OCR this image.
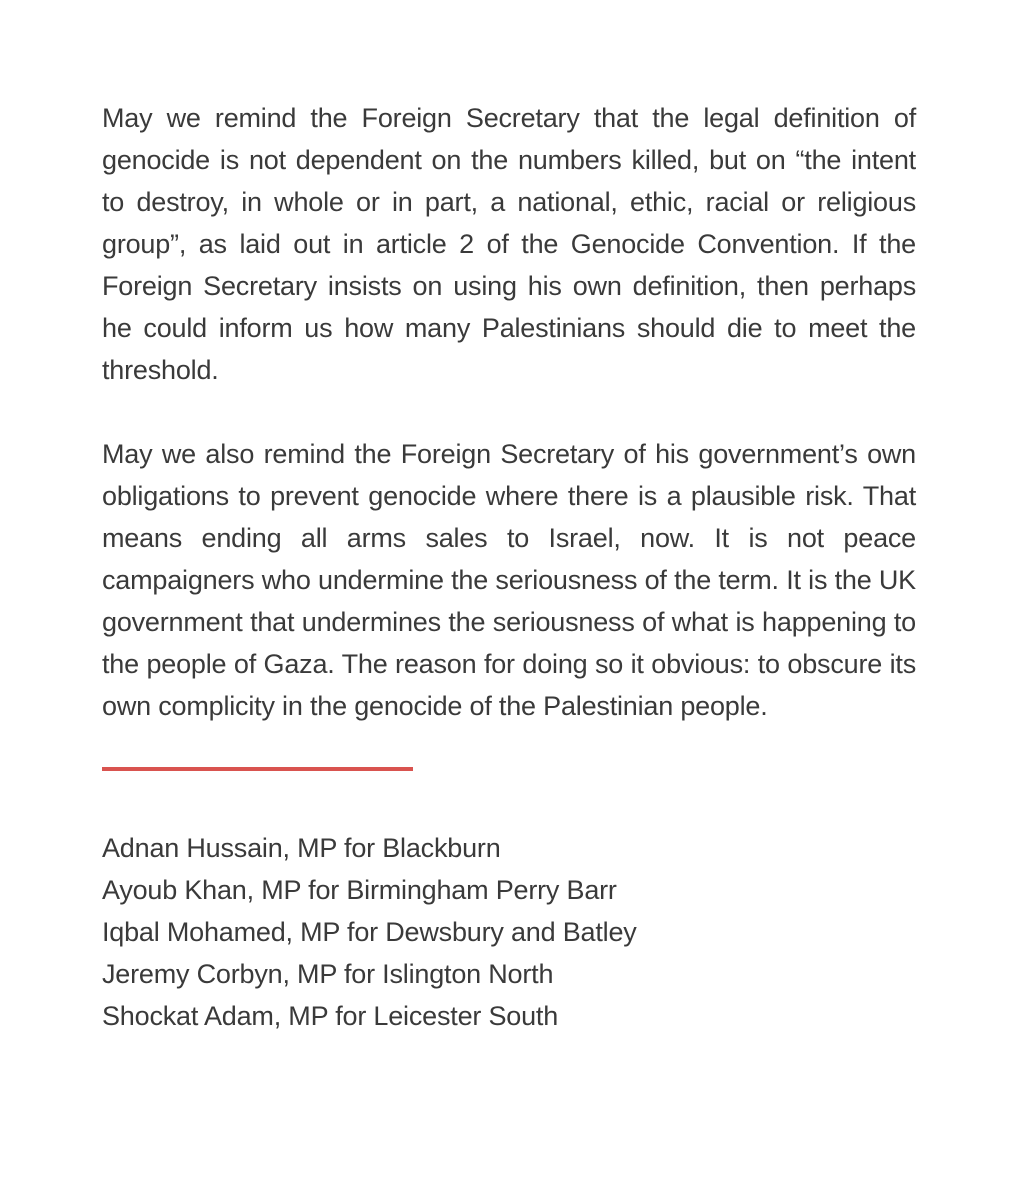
May we remind the Foreign Secretary that the legal definition of genocide is not dependent on the numbers killed, but on “the intent to destroy, in whole or in part, a national, ethic, racial or religious group”, as laid out in article 2 of the Genocide Convention. If the Foreign Secretary insists on using his own definition, then perhaps he could inform us how many Palestinians should die to meet the threshold.

May we also remind the Foreign Secretary of his government’s own obligations to prevent genocide where there is a plausible risk. That means ending all arms sales to Israel, now. It is not peace campaigners who undermine the seriousness of the term. It is the UK government that undermines the seriousness of what is happening to the people of Gaza. The reason for doing so it obvious: to obscure its own complicity in the genocide of the Palestinian people.

Adnan Hussain, MP for Blackburn
Ayoub Khan, MP for Birmingham Perry Barr
Iqbal Mohamed, MP for Dewsbury and Batley
Jeremy Corbyn, MP for Islington North
Shockat Adam, MP for Leicester South
